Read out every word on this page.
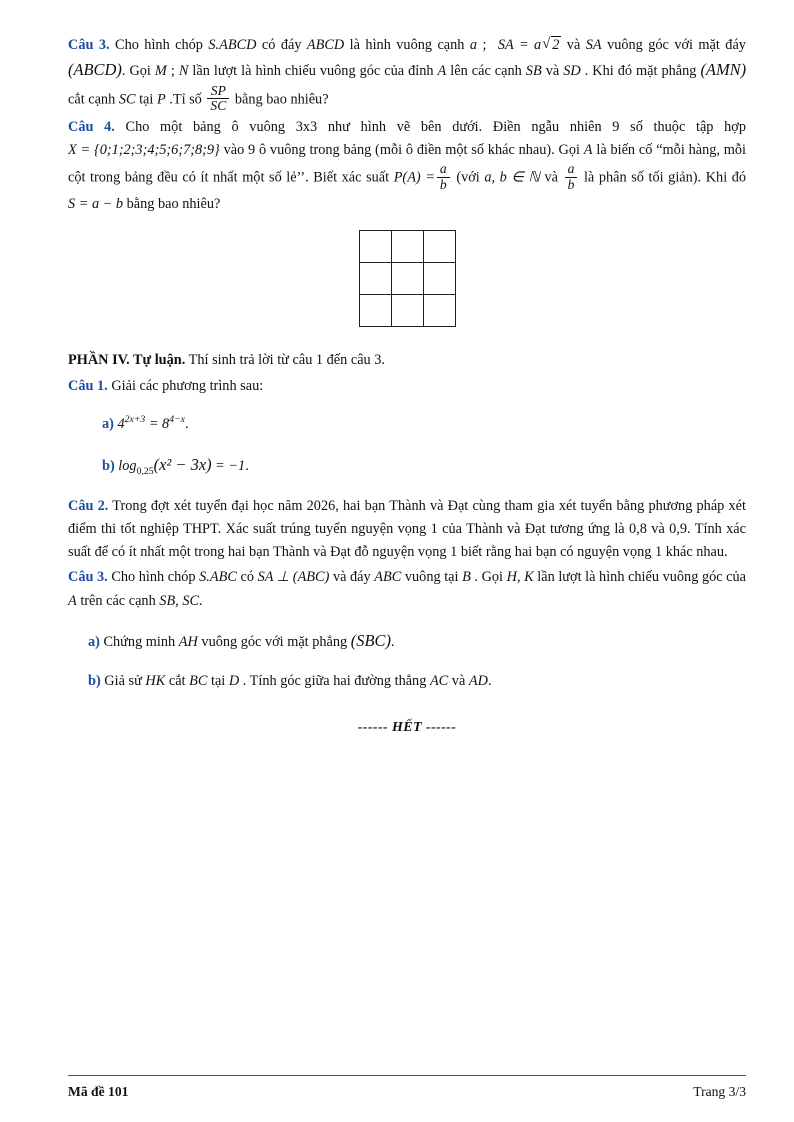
Câu 3. Cho hình chóp S.ABCD có đáy ABCD là hình vuông cạnh a ; SA = a √ 2 và SA vuông góc với mặt đáy (ABCD). Gọi M ; N lần lượt là hình chiếu vuông góc của đỉnh A lên các cạnh SB và SD . Khi đó mặt phẳng (AMN) cắt cạnh SC tại P .Tỉ số $\frac{SP}{SC}$ bằng bao nhiêu?

Câu 4. Cho một bảng ô vuông 3x3 như hình vẽ bên dưới. Điền ngẫu nhiên 9 số thuộc tập hợp X = {0;1;2;3;4;5;6;7;8;9} vào 9 ô vuông trong bảng (mỗi ô điền một số khác nhau). Gọi A là biến cố “mỗi hàng, mỗi cột trong bảng đều có ít nhất một số lẻ’’. Biết xác suất $P(A) = \frac{a}{b}$ (với a, b ∈ ℕ và $\frac{a}{b}$ là phân số tối giản). Khi đó S = a − b bằng bao nhiêu?

PHẦN IV. Tự luận. Thí sinh trả lời từ câu 1 đến câu 3.

Câu 1. Giải các phương trình sau:

a) $4^{2x+3} = 8^{4-x}$.

b) $\log_{0,25}(x^2 - 3x) = -1$.

Câu 2. Trong đợt xét tuyển đại học năm 2026, hai bạn Thành và Đạt cùng tham gia xét tuyển bằng phương pháp xét điểm thi tốt nghiệp THPT. Xác suất trúng tuyển nguyện vọng 1 của Thành và Đạt tương ứng là 0,8 và 0,9. Tính xác suất để có ít nhất một trong hai bạn Thành và Đạt đỗ nguyện vọng 1 biết rằng hai bạn có nguyện vọng 1 khác nhau.

Câu 3. Cho hình chóp S.ABC có SA ⊥ (ABC) và đáy ABC vuông tại B . Gọi H, K lần lượt là hình chiếu vuông góc của A trên các cạnh SB, SC.

a) Chứng minh AH vuông góc với mặt phẳng (SBC).

b) Giả sử HK cắt BC tại D . Tính góc giữa hai đường thẳng AC và AD.

------ HẾT ------

Mã đề 101	Trang 3/3
